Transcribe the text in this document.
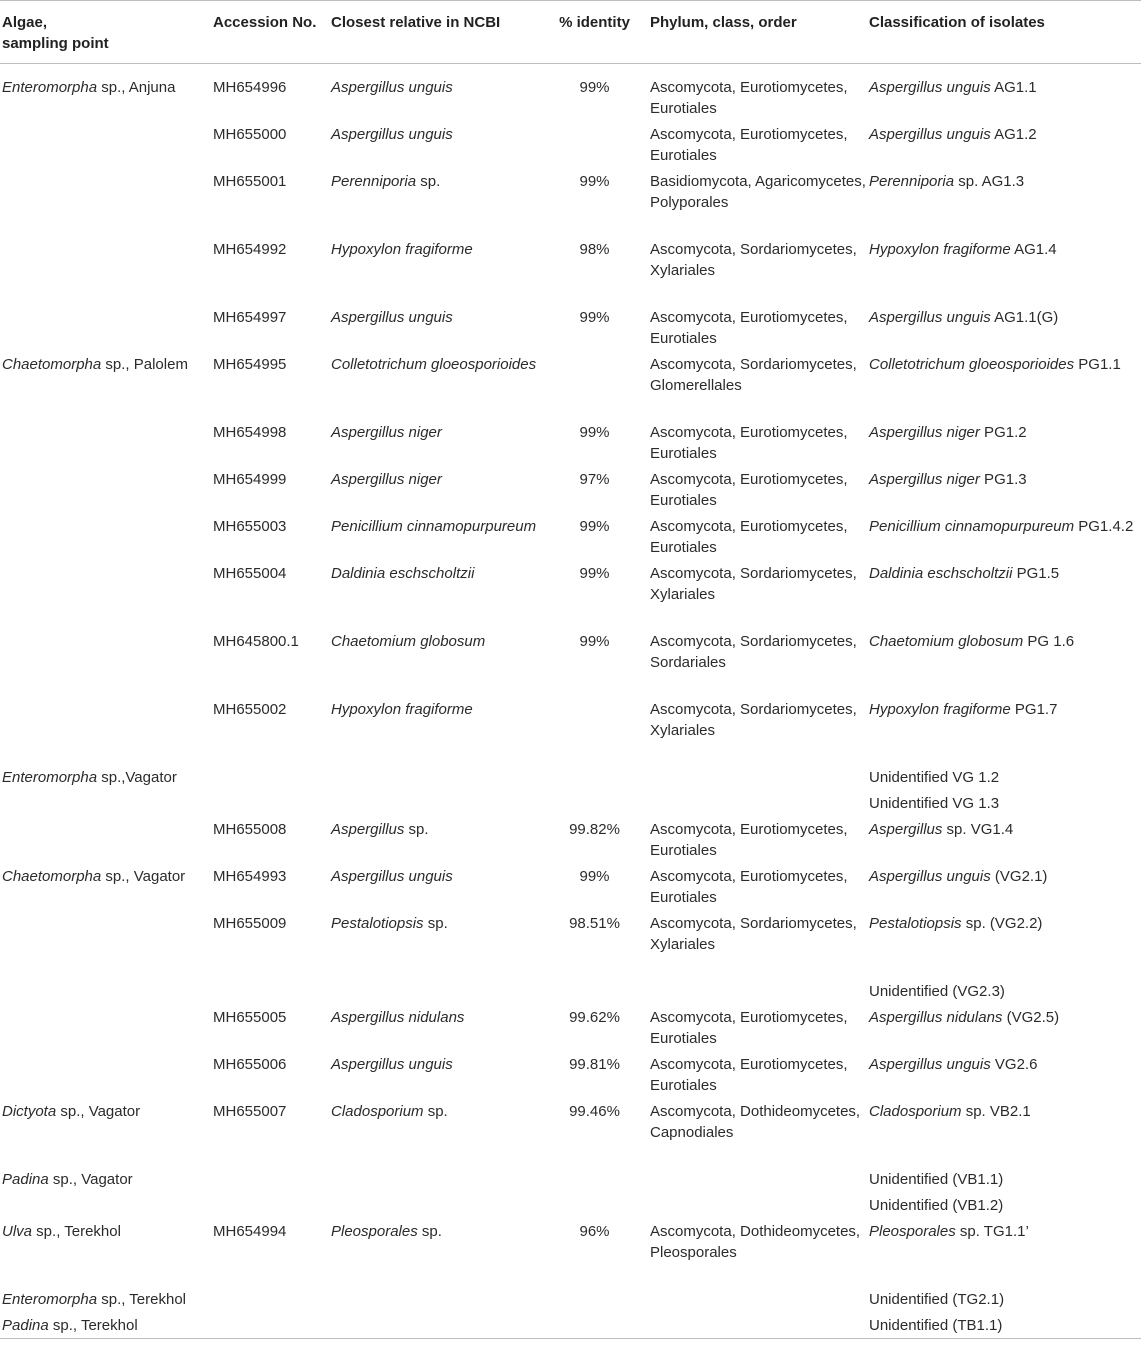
Algae,
sampling point	Accession No.	Closest relative in NCBI	% identity	Phylum, class, order	Classification of isolates
Enteromorpha sp., Anjuna	MH654996	Aspergillus unguis	99%	Ascomycota, Eurotiomycetes, Eurotiales	Aspergillus unguis AG1.1
	MH655000	Aspergillus unguis		Ascomycota, Eurotiomycetes, Eurotiales	Aspergillus unguis AG1.2
	MH655001	Perenniporia sp.	99%	Basidiomycota, Agaricomycetes, Polyporales	Perenniporia sp. AG1.3
	MH654992	Hypoxylon fragiforme	98%	Ascomycota, Sordariomycetes, Xylariales	Hypoxylon fragiforme AG1.4
	MH654997	Aspergillus unguis	99%	Ascomycota, Eurotiomycetes, Eurotiales	Aspergillus unguis AG1.1(G)
Chaetomorpha sp., Palolem	MH654995	Colletotrichum gloeosporioides		Ascomycota, Sordariomycetes, Glomerellales	Colletotrichum gloeosporioides PG1.1
	MH654998	Aspergillus niger	99%	Ascomycota, Eurotiomycetes, Eurotiales	Aspergillus niger PG1.2
	MH654999	Aspergillus niger	97%	Ascomycota, Eurotiomycetes, Eurotiales	Aspergillus niger PG1.3
	MH655003	Penicillium cinnamopurpureum	99%	Ascomycota, Eurotiomycetes, Eurotiales	Penicillium cinnamopurpureum PG1.4.2
	MH655004	Daldinia eschscholtzii	99%	Ascomycota, Sordariomycetes, Xylariales	Daldinia eschscholtzii PG1.5
	MH645800.1	Chaetomium globosum	99%	Ascomycota, Sordariomycetes, Sordariales	Chaetomium globosum PG 1.6
	MH655002	Hypoxylon fragiforme		Ascomycota, Sordariomycetes, Xylariales	Hypoxylon fragiforme PG1.7
Enteromorpha sp.,Vagator					Unidentified VG 1.2
					Unidentified VG 1.3
	MH655008	Aspergillus sp.	99.82%	Ascomycota, Eurotiomycetes, Eurotiales	Aspergillus sp. VG1.4
Chaetomorpha sp., Vagator	MH654993	Aspergillus unguis	99%	Ascomycota, Eurotiomycetes, Eurotiales	Aspergillus unguis (VG2.1)
	MH655009	Pestalotiopsis sp.	98.51%	Ascomycota, Sordariomycetes, Xylariales	Pestalotiopsis sp. (VG2.2)
					Unidentified (VG2.3)
	MH655005	Aspergillus nidulans	99.62%	Ascomycota, Eurotiomycetes, Eurotiales	Aspergillus nidulans (VG2.5)
	MH655006	Aspergillus unguis	99.81%	Ascomycota, Eurotiomycetes, Eurotiales	Aspergillus unguis VG2.6
Dictyota sp., Vagator	MH655007	Cladosporium sp.	99.46%	Ascomycota, Dothideomycetes, Capnodiales	Cladosporium sp. VB2.1
Padina sp., Vagator					Unidentified (VB1.1)
					Unidentified (VB1.2)
Ulva sp., Terekhol	MH654994	Pleosporales sp.	96%	Ascomycota, Dothideomycetes, Pleosporales	Pleosporales sp. TG1.1’
Enteromorpha sp., Terekhol					Unidentified (TG2.1)
Padina sp., Terekhol					Unidentified (TB1.1)
